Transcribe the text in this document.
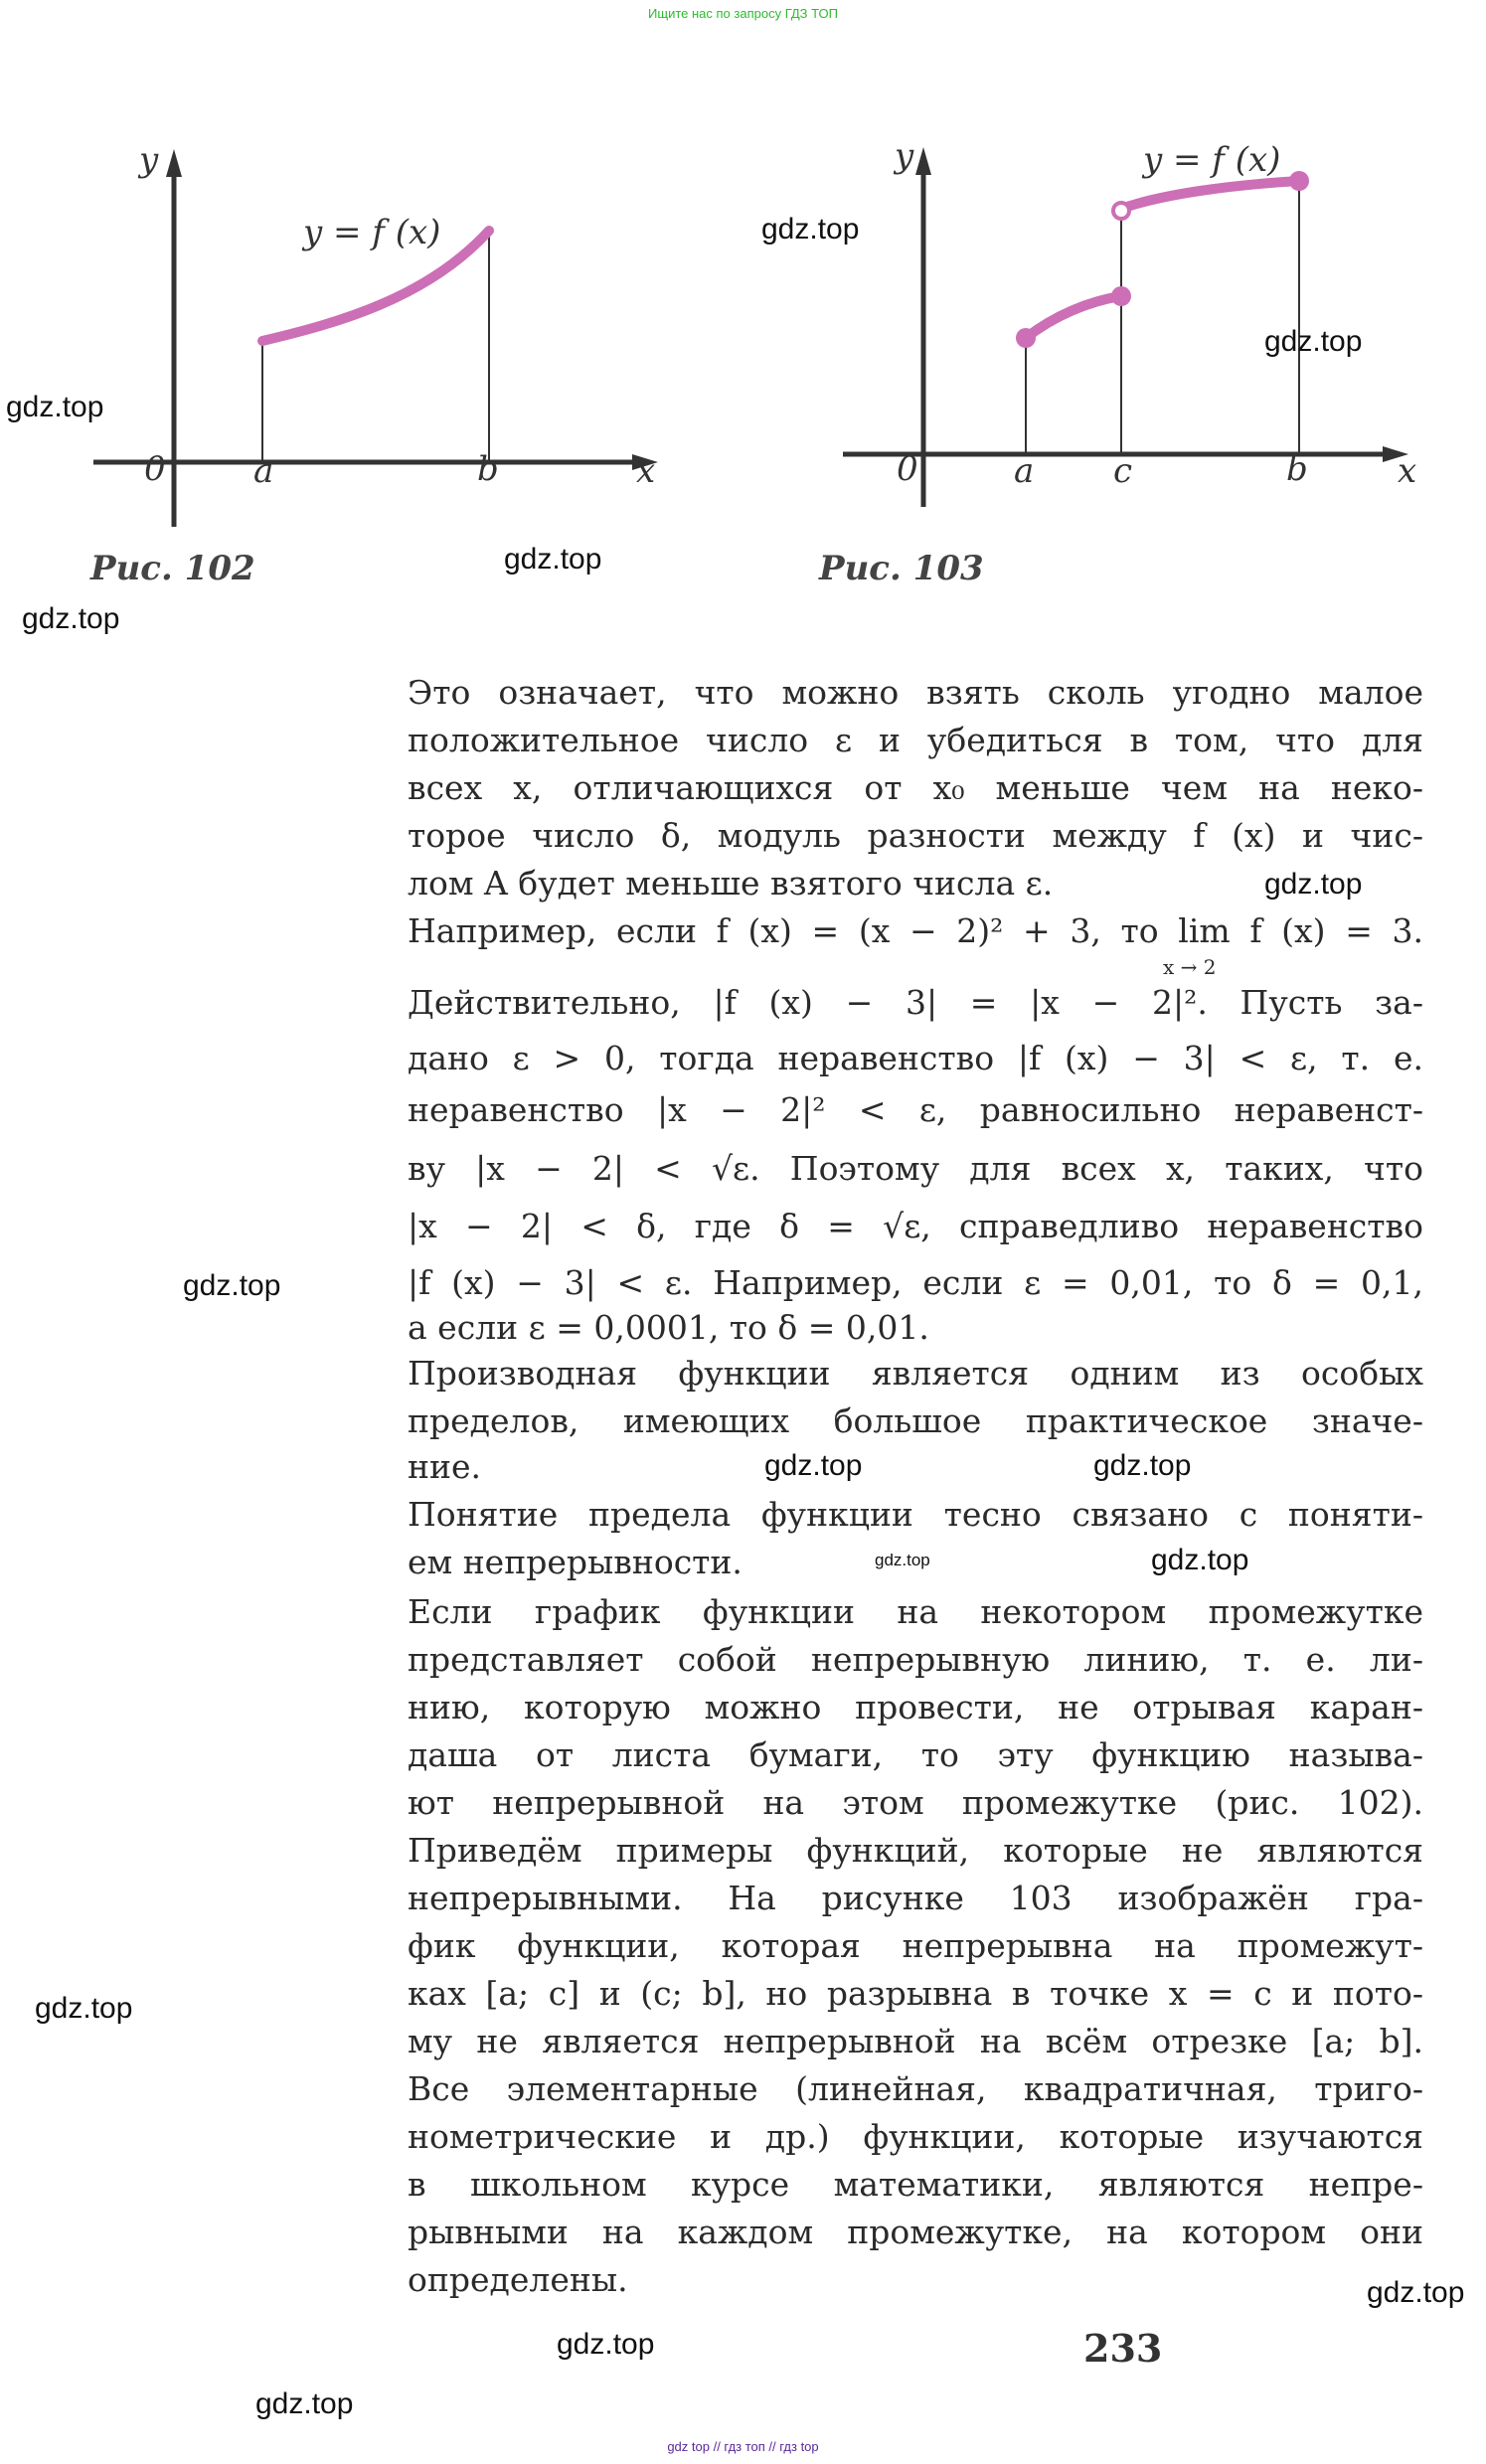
Ищите нас по запросу ГДЗ ТОП
y
y = f (x)
0	a	b	x
Рис. 102
y	y = f (x)
0	a c	b	x
Рис. 103
Это означает, что можно взять сколь угодно малое
положительное число ε и убедиться в том, что для
всех x, отличающихся от x₀ меньше чем на неко-
торое число δ, модуль разности между f (x) и чис-
лом A будет меньше взятого числа ε.
Например, если f (x) = (x − 2)² + 3, то lim f (x) = 3.
Действительно, |f (x) − 3| = |x − 2|². Пусть за-
дано ε > 0, тогда неравенство |f (x) − 3| < ε, т. е.
неравенство |x − 2|² < ε, равносильно неравенст-
ву |x − 2| < √ε. Поэтому для всех x, таких, что
|x − 2| < δ, где δ = √ε, справедливо неравенство
|f (x) − 3| < ε. Например, если ε = 0,01, то δ = 0,1,
а если ε = 0,0001, то δ = 0,01.
Производная функции является одним из особых
пределов, имеющих большое практическое значе-
ние.
Понятие предела функции тесно связано с поняти-
ем непрерывности.
Если график функции на некотором промежутке
представляет собой непрерывную линию, т. е. ли-
нию, которую можно провести, не отрывая каран-
даша от листа бумаги, то эту функцию называ-
ют непрерывной на этом промежутке (рис. 102).
Приведём примеры функций, которые не являются
непрерывными. На рисунке 103 изображён гра-
фик функции, которая непрерывна на промежут-
ках [a; c] и (c; b], но разрывна в точке x = c и пото-
му не является непрерывной на всём отрезке [a; b].
Все элементарные (линейная, квадратичная, триго-
нометрические и др.) функции, которые изучаются
в школьном курсе математики, являются непре-
рывными на каждом промежутке, на котором они
определены.
x → 2
233
gdz.top
gdz.top
gdz.top
gdz.top
gdz.top
gdz.top
gdz.top
gdz.top
gdz.top
gdz.top
gdz.top
gdz.top
gdz.top
gdz.top
gdz.top
gdz top // гдз топ // гдз top
